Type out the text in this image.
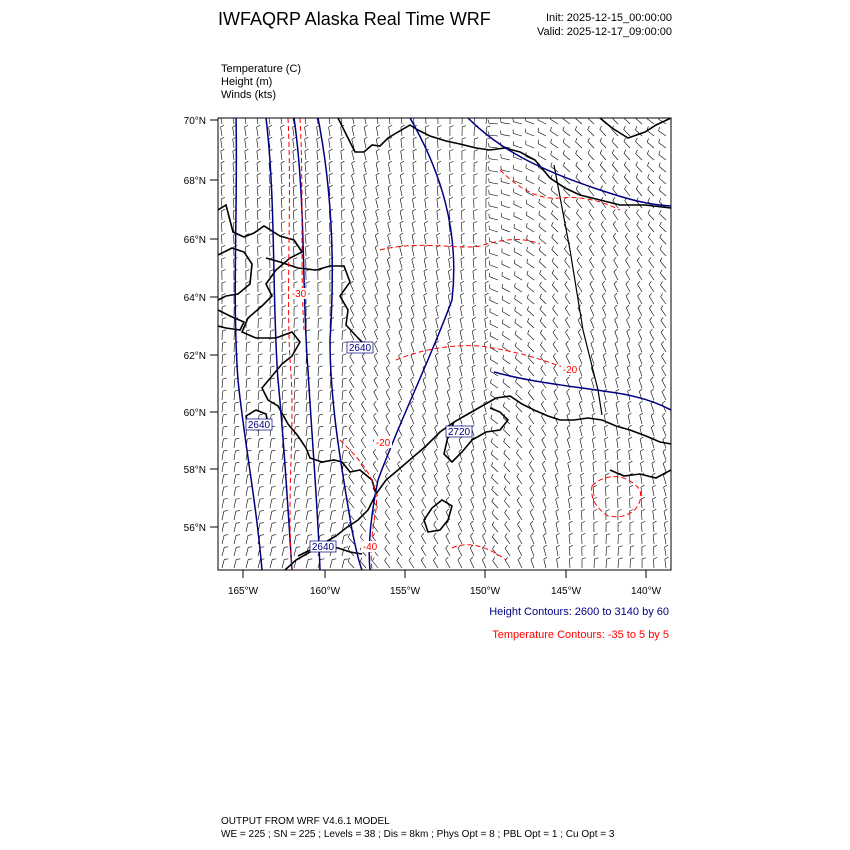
IWFAQRP Alaska Real Time WRF	Init: 2025-12-15_00:00:00
Valid: 2025-12-17_09:00:00
Temperature (C)
Height (m)
Winds (kts)
2640
2640
2720
2640
-30
-20
-20
-40
70°N
68°N
66°N
64°N
62°N
60°N
58°N
56°N
165°W	160°W	155°W	150°W	145°W	140°W
Height Contours: 2600 to 3140 by 60
Temperature Contours: -35 to 5 by 5
OUTPUT FROM WRF V4.6.1 MODEL
WE = 225 ; SN = 225 ; Levels = 38 ; Dis = 8km ; Phys Opt = 8 ; PBL Opt = 1 ; Cu Opt = 3
